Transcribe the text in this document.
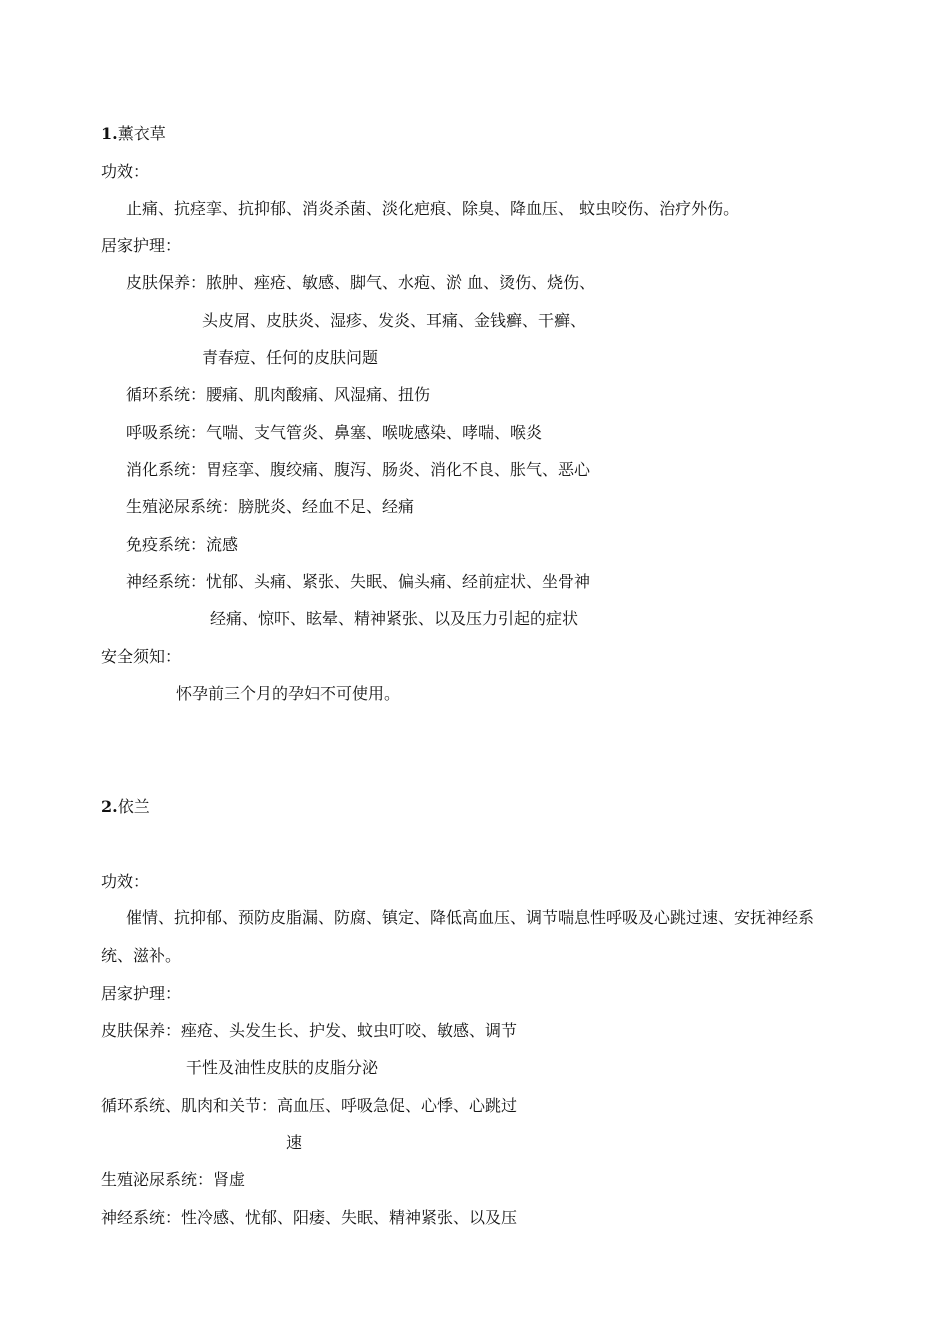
1.薰衣草
功效：
止痛、抗痉挛、抗抑郁、消炎杀菌、淡化疤痕、除臭、降血压、 蚊虫咬伤、治疗外伤。
居家护理：
皮肤保养：脓肿、痤疮、敏感、脚气、水疱、淤 血、烫伤、烧伤、
头皮屑、皮肤炎、湿疹、发炎、耳痛、金钱癣、干癣、
青春痘、任何的皮肤问题
循环系统：腰痛、肌肉酸痛、风湿痛、扭伤
呼吸系统：气喘、支气管炎、鼻塞、喉咙感染、哮喘、喉炎
消化系统：胃痉挛、腹绞痛、腹泻、肠炎、消化不良、胀气、恶心
生殖泌尿系统：膀胱炎、经血不足、经痛
免疫系统：流感
神经系统：忧郁、头痛、紧张、失眠、偏头痛、经前症状、坐骨神
经痛、惊吓、眩晕、精神紧张、以及压力引起的症状
安全须知：
怀孕前三个月的孕妇不可使用。
2.依兰
功效：
催情、抗抑郁、预防皮脂漏、防腐、镇定、降低高血压、调节喘息性呼吸及心跳过速、安抚神经系
统、滋补。
居家护理：
皮肤保养：痤疮、头发生长、护发、蚊虫叮咬、敏感、调节
干性及油性皮肤的皮脂分泌
循环系统、肌肉和关节：高血压、呼吸急促、心悸、心跳过
速
生殖泌尿系统：肾虚
神经系统：性冷感、忧郁、阳痿、失眠、精神紧张、以及压
